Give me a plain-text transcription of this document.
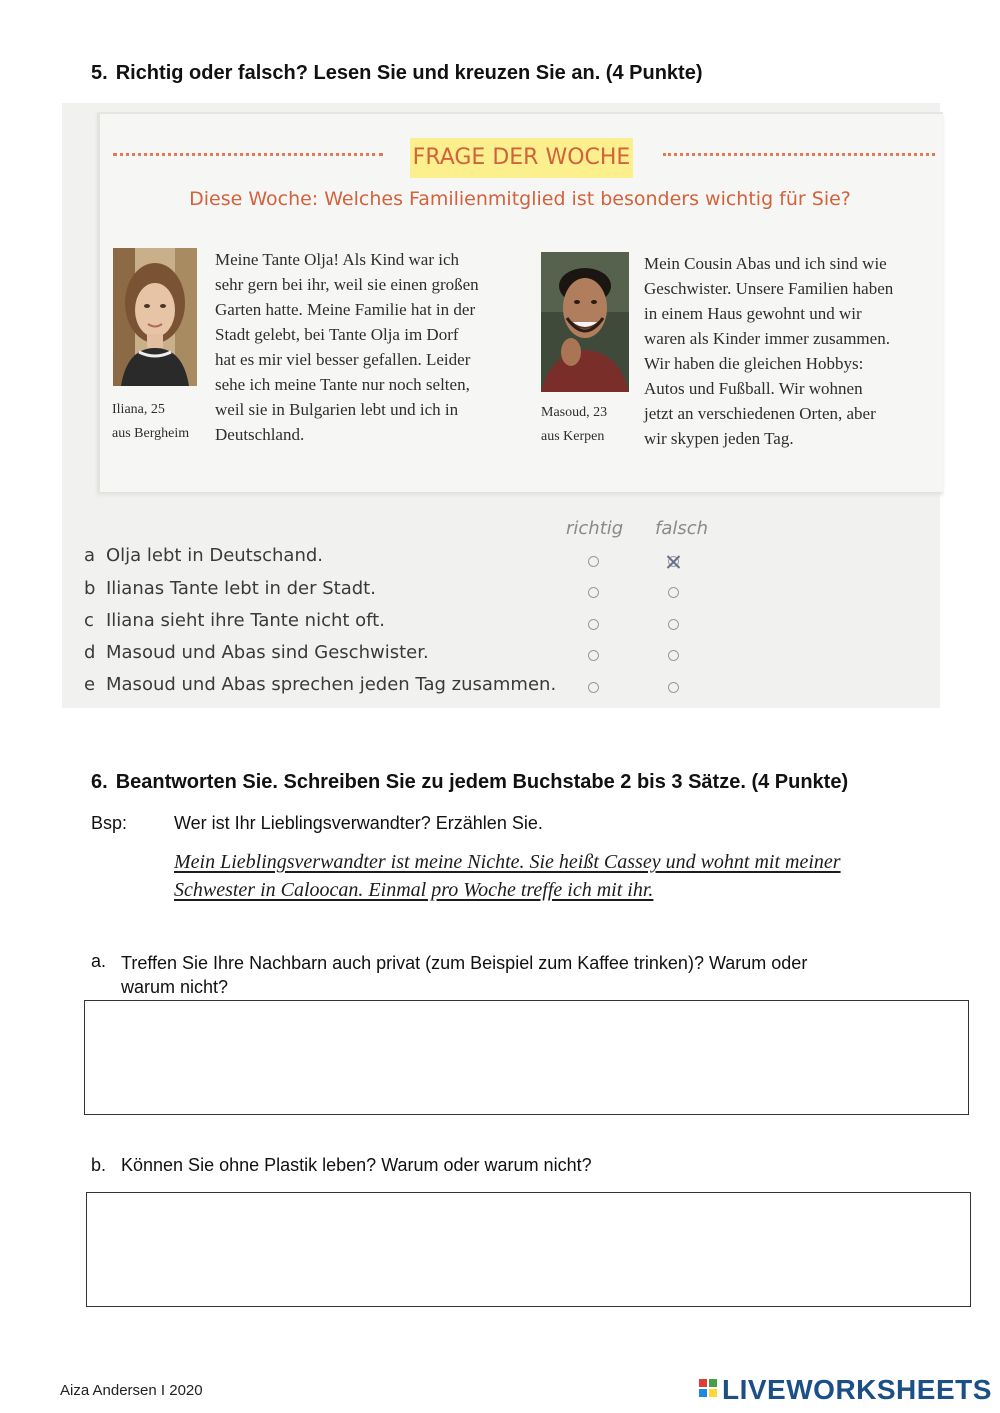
5. Richtig oder falsch? Lesen Sie und kreuzen Sie an. (4 Punkte)
FRAGE DER WOCHE
Diese Woche: Welches Familienmitglied ist besonders wichtig für Sie?
Iliana, 25
aus Bergheim
Meine Tante Olja! Als Kind war ich
sehr gern bei ihr, weil sie einen großen
Garten hatte. Meine Familie hat in der
Stadt gelebt, bei Tante Olja im Dorf
hat es mir viel besser gefallen. Leider
sehe ich meine Tante nur noch selten,
weil sie in Bulgarien lebt und ich in
Deutschland.
Masoud, 23
aus Kerpen
Mein Cousin Abas und ich sind wie
Geschwister. Unsere Familien haben
in einem Haus gewohnt und wir
waren als Kinder immer zusammen.
Wir haben die gleichen Hobbys:
Autos und Fußball. Wir wohnen
jetzt an verschiedenen Orten, aber
wir skypen jeden Tag.
richtig falsch
a Olja lebt in Deutschand.
b Ilianas Tante lebt in der Stadt.
c Iliana sieht ihre Tante nicht oft.
d Masoud und Abas sind Geschwister.
e Masoud und Abas sprechen jeden Tag zusammen.
6. Beantworten Sie. Schreiben Sie zu jedem Buchstabe 2 bis 3 Sätze. (4 Punkte)
Bsp:	Wer ist Ihr Lieblingsverwandter? Erzählen Sie.
Mein Lieblingsverwandter ist meine Nichte. Sie heißt Cassey und wohnt mit meiner
Schwester in Caloocan. Einmal pro Woche treffe ich mit ihr.
a. Treffen Sie Ihre Nachbarn auch privat (zum Beispiel zum Kaffee trinken)? Warum oder
warum nicht?
b. Können Sie ohne Plastik leben? Warum oder warum nicht?
Aiza Andersen I 2020	LIVEWORKSHEETS
